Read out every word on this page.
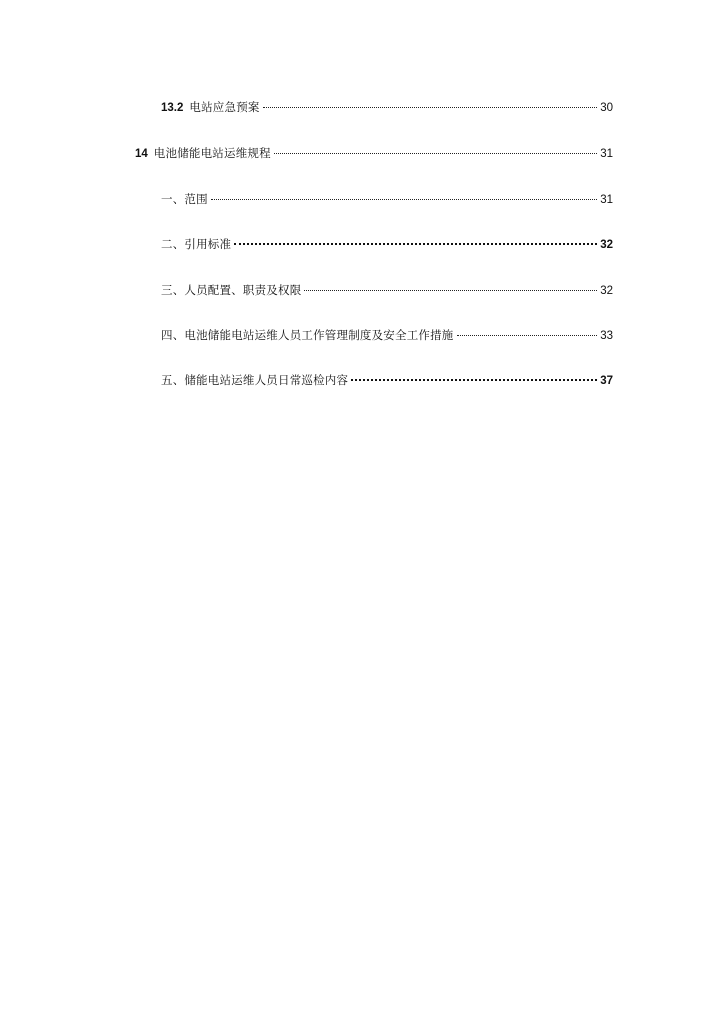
13.2 电站应急预案	30
14 电池储能电站运维规程	31
一、范围	31
二、引用标准	32
三、人员配置、职责及权限	32
四、电池储能电站运维人员工作管理制度及安全工作措施	33
五、储能电站运维人员日常巡检内容	37
